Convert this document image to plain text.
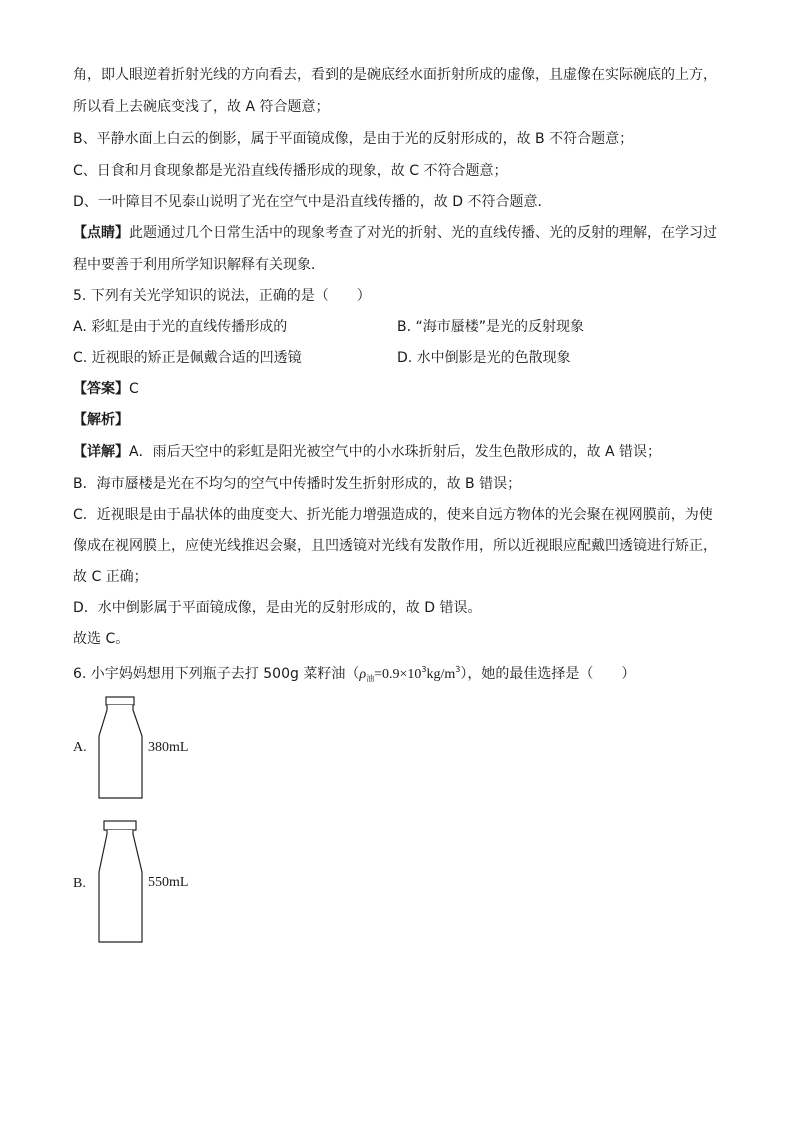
角，即人眼逆着折射光线的方向看去，看到的是碗底经水面折射所成的虚像，且虚像在实际碗底的上方，
所以看上去碗底变浅了，故 A 符合题意；
B、平静水面上白云的倒影，属于平面镜成像，是由于光的反射形成的，故 B 不符合题意；
C、日食和月食现象都是光沿直线传播形成的现象，故 C 不符合题意；
D、一叶障目不见泰山说明了光在空气中是沿直线传播的，故 D 不符合题意．
【点睛】此题通过几个日常生活中的现象考查了对光的折射、光的直线传播、光的反射的理解，在学习过
程中要善于利用所学知识解释有关现象．
5. 下列有关光学知识的说法，正确的是（　　）
A. 彩虹是由于光的直线传播形成的	B. “海市蜃楼”是光的反射现象
C. 近视眼的矫正是佩戴合适的凹透镜	D. 水中倒影是光的色散现象
【答案】C
【解析】
【详解】A．雨后天空中的彩虹是阳光被空气中的小水珠折射后，发生色散形成的，故 A 错误；
B．海市蜃楼是光在不均匀的空气中传播时发生折射形成的，故 B 错误；
C．近视眼是由于晶状体的曲度变大、折光能力增强造成的，使来自远方物体的光会聚在视网膜前，为使
像成在视网膜上，应使光线推迟会聚，且凹透镜对光线有发散作用，所以近视眼应配戴凹透镜进行矫正，
故 C 正确；
D．水中倒影属于平面镜成像，是由光的反射形成的，故 D 错误。
故选 C。
6. 小宇妈妈想用下列瓶子去打 500g 菜籽油$(\rho_油=0.9\times 10^3kg/m^3)$，她的最佳选择是（　　）
A.	380mL
B.	550mL
